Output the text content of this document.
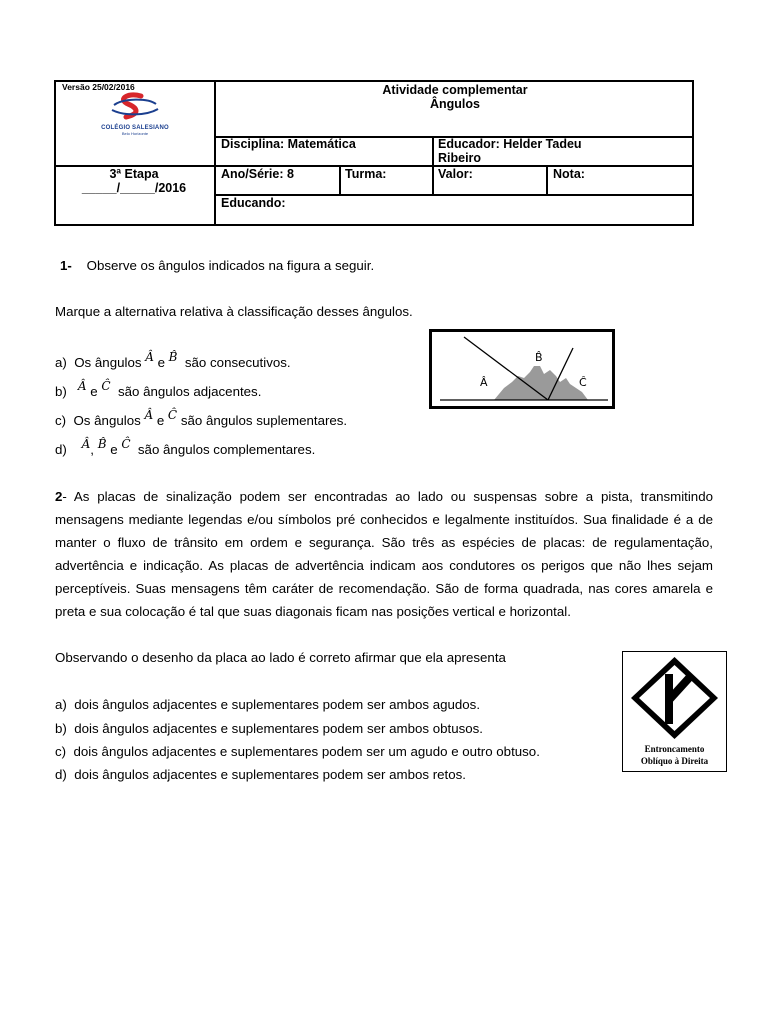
Versão 25/02/2016
COLÉGIO SALESIANO
Belo Horizonte
Atividade complementar
Ângulos
Disciplina: Matemática	Educador: Helder Tadeu
Ribeiro
3ª Etapa
_____/_____/2016
Ano/Série: 8	Turma:	Valor:	Nota:
Educando:
1- Observe os ângulos indicados na figura a seguir.
Marque a alternativa relativa à classificação desses ângulos.
a) Os ângulos Â e B̂ são consecutivos.
b) Â e Ĉ são ângulos adjacentes.
c) Os ângulos Â e Ĉ são ângulos suplementares.
d) Â, B̂ e Ĉ são ângulos complementares.
Â
B̂
Ĉ
2- As placas de sinalização podem ser encontradas ao lado ou suspensas sobre a pista, transmitindo mensagens mediante legendas e/ou símbolos pré conhecidos e legalmente instituídos. Sua finalidade é a de manter o fluxo de trânsito em ordem e segurança. São três as espécies de placas: de regulamentação, advertência e indicação. As placas de advertência indicam aos condutores os perigos que não lhes sejam perceptíveis. Suas mensagens têm caráter de recomendação. São de forma quadrada, nas cores amarela e preta e sua colocação é tal que suas diagonais ficam nas posições vertical e horizontal.
Observando o desenho da placa ao lado é correto afirmar que ela apresenta
a) dois ângulos adjacentes e suplementares podem ser ambos agudos.
b) dois ângulos adjacentes e suplementares podem ser ambos obtusos.
c) dois ângulos adjacentes e suplementares podem ser um agudo e outro obtuso.
d) dois ângulos adjacentes e suplementares podem ser ambos retos.
Entroncamento
Oblíquo à Direita
